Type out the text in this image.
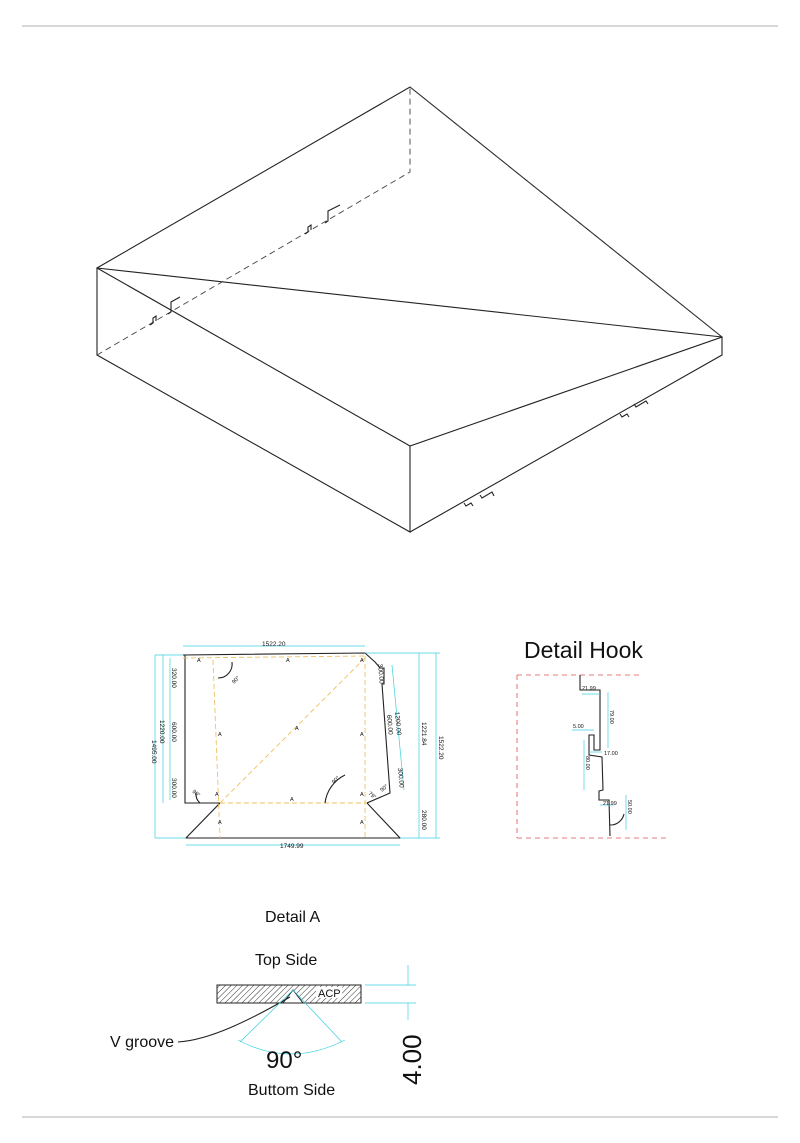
1522.20
1749.99
1495.00
1220.00
320.00
600.00
300.00
300.00
1200.00
600.00
300.00
1221.84
1522.20
280.00
A	A	A
A
A
A
A
A	A
A	A
90°
90°
90°	79°
90°
Detail Hook
21.99
79.00
5.00
17.00
80.00
21.99 50.00
Detail A
Top Side
ACP
V groove
90°
Buttom Side
4.00
